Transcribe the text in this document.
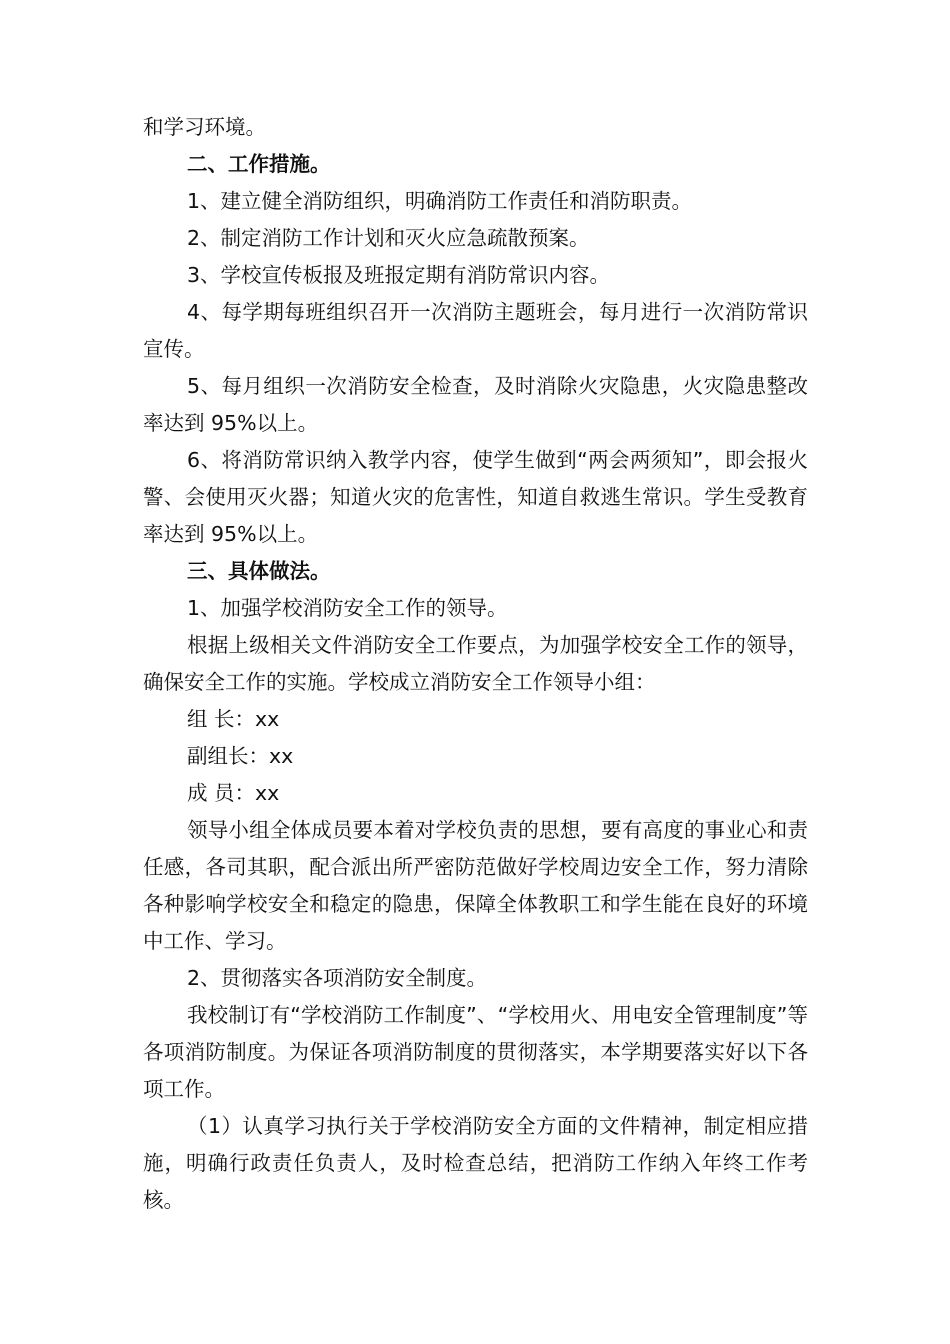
和学习环境。

二、工作措施。

1、建立健全消防组织，明确消防工作责任和消防职责。

2、制定消防工作计划和灭火应急疏散预案。

3、学校宣传板报及班报定期有消防常识内容。

4、每学期每班组织召开一次消防主题班会，每月进行一次消防常识宣传。

5、每月组织一次消防安全检查，及时消除火灾隐患，火灾隐患整改率达到 95%以上。

6、将消防常识纳入教学内容，使学生做到“两会两须知”，即会报火警、会使用灭火器；知道火灾的危害性，知道自救逃生常识。学生受教育率达到 95%以上。

三、具体做法。

1、加强学校消防安全工作的领导。

根据上级相关文件消防安全工作要点，为加强学校安全工作的领导，确保安全工作的实施。学校成立消防安全工作领导小组：

组 长：xx

副组长：xx

成 员：xx

领导小组全体成员要本着对学校负责的思想，要有高度的事业心和责任感，各司其职，配合派出所严密防范做好学校周边安全工作，努力清除各种影响学校安全和稳定的隐患，保障全体教职工和学生能在良好的环境中工作、学习。

2、贯彻落实各项消防安全制度。

我校制订有“学校消防工作制度”、“学校用火、用电安全管理制度”等各项消防制度。为保证各项消防制度的贯彻落实，本学期要落实好以下各项工作。

（1）认真学习执行关于学校消防安全方面的文件精神，制定相应措施，明确行政责任负责人，及时检查总结，把消防工作纳入年终工作考核。
